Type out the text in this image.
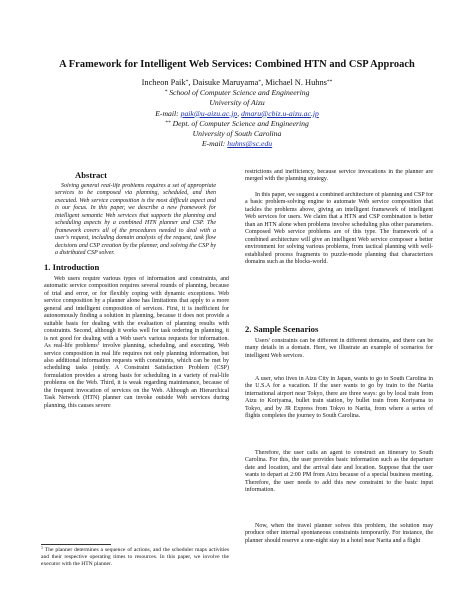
A Framework for Intelligent Web Services: Combined HTN and CSP Approach
Incheon Paik*, Daisuke Maruyama*, Michael N. Huhns**
* School of Computer Science and Engineering
University of Aizu
E-mail: paik@u-aizu.ac.jp, dmaru@cbiz.u-aizu.ac.jp
** Dept. of Computer Science and Engineering
University of South Carolina
E-mail: huhns@sc.edu
Abstract

Solving general real-life problems requires a set of appropriate services to be composed via planning, scheduled, and then executed. Web service composition is the most difficult aspect and is our focus. In this paper, we describe a new framework for intelligent semantic Web services that supports the planning and scheduling aspects by a combined HTN planner and CSP. The framework covers all of the procedures needed to deal with a user's request, including domain analysis of the request, task flow decisions and CSP creation by the planner, and solving the CSP by a distributed CSP solver.

1. Introduction

Web users require various types of information and constraints, and automatic service composition requires several rounds of planning, because of trial and error, or for flexibly coping with dynamic exceptions. Web service composition by a planner alone has limitations that apply to a more general and intelligent composition of services. First, it is inefficient for autonomously finding a solution in planning, because it does not provide a suitable basis for dealing with the evaluation of planning results with constraints. Second, although it works well for task ordering in planning, it is not good for dealing with a Web user's various requests for information. As real-life problems$^1$ involve planning, scheduling, and executing, Web service composition in real life requires not only planning information, but also additional information requests with constraints, which can be met by scheduling tasks jointly. A Constraint Satisfaction Problem (CSP) formulation provides a strong basis for scheduling in a variety of real-life problems on the Web. Third, it is weak regarding maintenance, because of the frequent invocation of services on the Web. Although an Hierarchical Task Network (HTN) planner can invoke outside Web services during planning, this causes severe

$^1$ The planner determines a sequence of actions, and the scheduler maps activities and their respective operating times to resources. In this paper, we involve the executor with the HTN planner.

restrictions and inefficiency, because service invocations in the planner are merged with the planning strategy.

In this paper, we suggest a combined architecture of planning and CSP for a basic problem-solving engine to automate Web service composition that tackles the problems above, giving an intelligent framework of intelligent Web services for users. We claim that a HTN and CSP combination is better than an HTN alone when problems involve scheduling plus other parameters. Composed Web service problems are of this type. The framework of a combined architecture will give an intelligent Web service composer a better environment for solving various problems, from tactical planning with well-established process fragments to puzzle-mode planning that characterizes domains such as the blocks-world.

2. Sample Scenarios

Users' constraints can be different in different domains, and there can be many details in a domain. Here, we illustrate an example of scenarios for intelligent Web services.

A user, who lives in Aizu City in Japan, wants to go to South Carolina in the U.S.A for a vacation. If the user wants to go by train to the Narita international airport near Tokyo, there are three ways: go by local train from Aizu to Koriyama, bullet train station, by bullet train from Koriyama to Tokyo, and by JR Express from Tokyo to Narita, from where a series of flights completes the journey to South Carolina.

Therefore, the user calls an agent to construct an itinerary to South Carolina. For this, the user provides basic information such as the departure date and location, and the arrival date and location. Suppose that the user wants to depart at 2:00 PM from Aizu because of a special business meeting. Therefore, the user needs to add this new constraint to the basic input information.

Now, when the travel planner solves this problem, the solution may produce other internal spontaneous constraints temporarily. For instance, the planner should reserve a one-night stay in a hotel near Narita and a flight
